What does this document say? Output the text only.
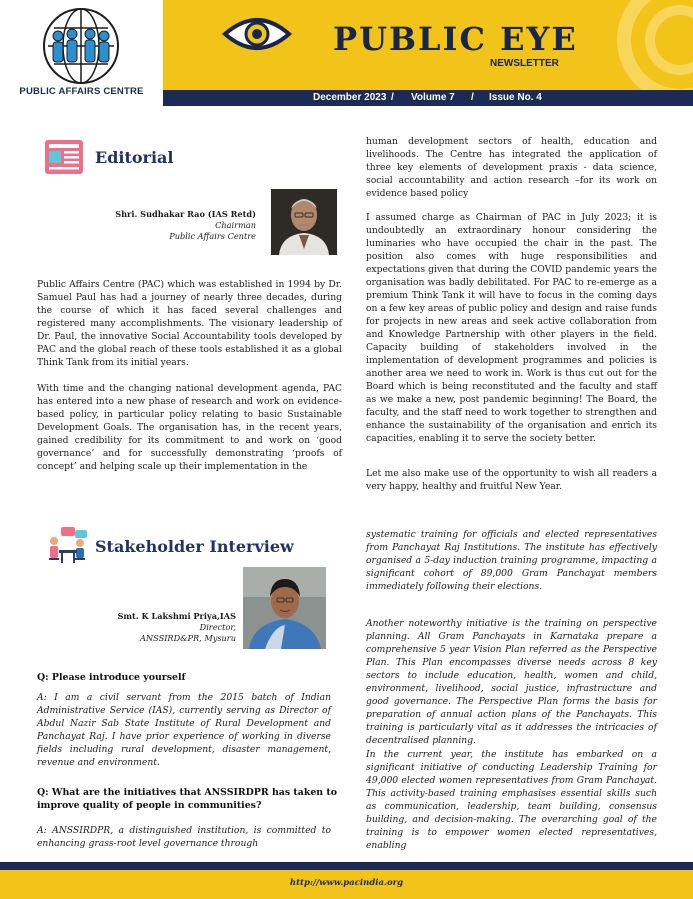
PUBLIC EYE
NEWSLETTER
PUBLIC AFFAIRS CENTRE
December 2023 / Volume 7 / Issue No. 4
Editorial
Shri. Sudhakar Rao (IAS Retd)
Chairman
Public Affairs Centre

Public Affairs Centre (PAC) which was established in 1994 by Dr. Samuel Paul has had a journey of nearly three decades, during the course of which it has faced several challenges and registered many accomplishments. The visionary leadership of Dr. Paul, the innovative Social Accountability tools developed by PAC and the global reach of these tools established it as a global Think Tank from its initial years.

With time and the changing national development agenda, PAC has entered into a new phase of research and work on evidence-based policy, in particular policy relating to basic Sustainable Development Goals. The organisation has, in the recent years, gained credibility for its commitment to and work on ‘good governance’ and for successfully demonstrating ‘proofs of concept’ and helping scale up their implementation in the

human development sectors of health, education and livelihoods. The Centre has integrated the application of three key elements of development praxis - data science, social accountability and action research –for its work on evidence based policy

I assumed charge as Chairman of PAC in July 2023; it is undoubtedly an extraordinary honour considering the luminaries who have occupied the chair in the past. The position also comes with huge responsibilities and expectations given that during the COVID pandemic years the organisation was badly debilitated. For PAC to re-emerge as a premium Think Tank it will have to focus in the coming days on a few key areas of public policy and design and raise funds for projects in new areas and seek active collaboration from and Knowledge Partnership with other players in the field. Capacity building of stakeholders involved in the implementation of development programmes and policies is another area we need to work in. Work is thus cut out for the Board which is being reconstituted and the faculty and staff as we make a new, post pandemic beginning! The Board, the faculty, and the staff need to work together to strengthen and enhance the sustainability of the organisation and enrich its capacities, enabling it to serve the society better.

Let me also make use of the opportunity to wish all readers a very happy, healthy and fruitful New Year.

Stakeholder Interview
Smt. K Lakshmi Priya,IAS
Director,
ANSSIRD&PR, Mysuru
Q: Please introduce yourself

A: I am a civil servant from the 2015 batch of Indian Administrative Service (IAS), currently serving as Director of Abdul Nazir Sab State Institute of Rural Development and Panchayat Raj. I have prior experience of working in diverse fields including rural development, disaster management, revenue and environment.

Q: What are the initiatives that ANSSIRDPR has taken to improve quality of people in communities?

A: ANSSIRDPR, a distinguished institution, is committed to enhancing grass-root level governance through

systematic training for officials and elected representatives from Panchayat Raj Institutions. The institute has effectively organised a 5-day induction training programme, impacting a significant cohort of 89,000 Gram Panchayat members immediately following their elections.

Another noteworthy initiative is the training on perspective planning. All Gram Panchayats in Karnataka prepare a comprehensive 5 year Vision Plan referred as the Perspective Plan. This Plan encompasses diverse needs across 8 key sectors to include education, health, women and child, environment, livelihood, social justice, infrastructure and good governance. The Perspective Plan forms the basis for preparation of annual action plans of the Panchayats. This training is particularly vital as it addresses the intricacies of decentralised planning.

In the current year, the institute has embarked on a significant initiative of conducting Leadership Training for 49,000 elected women representatives from Gram Panchayat. This activity-based training emphasises essential skills such as communication, leadership, team building, consensus building, and decision-making. The overarching goal of the training is to empower women elected representatives, enabling

http://www.pacindia.org
